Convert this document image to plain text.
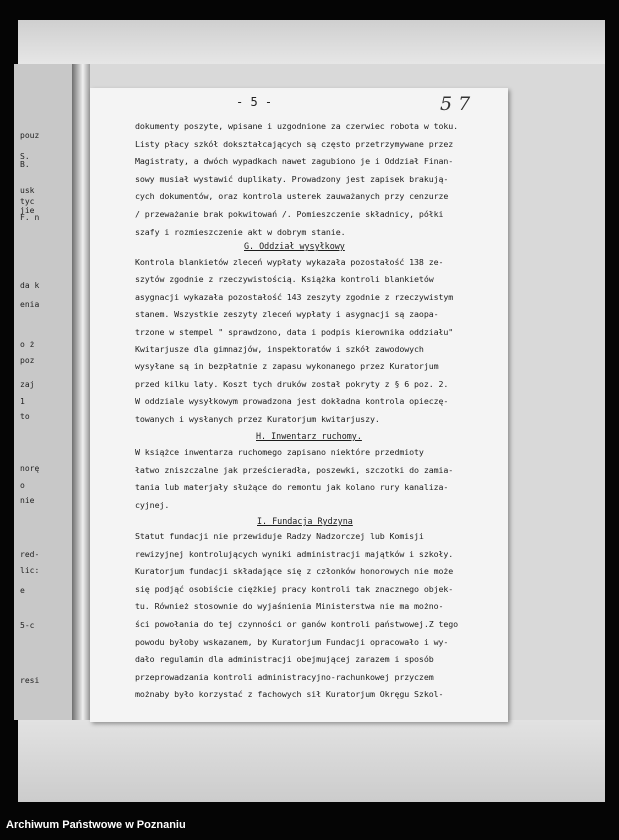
pouz
S.
B.
usk
tyc
jie
F. n
da k
enia
o ż
poz
zaj
1
to
norę
o
nie
red-
lic:
e
5-c
resi
- 5 -	5 7
dokumenty poszyte, wpisane i uzgodnione za czerwiec robota w toku.
Listy płacy szkół dokształcających są często przetrzymywane przez
Magistraty, a dwóch wypadkach nawet zagubiono je i Oddział Finan-
sowy musiał wystawić duplikaty. Prowadzony jest zapisek brakują-
cych dokumentów, oraz kontrola usterek zauważanych przy cenzurze
/ przeważanie brak pokwitowań /. Pomieszczenie składnicy, półki
szafy i rozmieszczenie akt w dobrym stanie.
G. Oddział wysyłkowy
Kontrola blankietów zleceń wypłaty wykazała pozostałość 138 ze-
szytów zgodnie z rzeczywistością. Książka kontroli blankietów
asygnacji wykazała pozostałość 143 zeszyty zgodnie z rzeczywistym
stanem. Wszystkie zeszyty zleceń wypłaty i asygnacji są zaopa-
trzone w stempel " sprawdzono, data i podpis kierownika oddziału"
Kwitarjusze dla gimnazjów, inspektoratów i szkół zawodowych
wysyłane są in bezpłatnie z zapasu wykonanego przez Kuratorjum
przed kilku laty. Koszt tych druków został pokryty z § 6 poz. 2.
W oddziale wysyłkowym prowadzona jest dokładna kontrola opieczę-
towanych i wysłanych przez Kuratorjum kwitarjuszy.
H. Inwentarz ruchomy.
W książce inwentarza ruchomego zapisano niektóre przedmioty
łatwo zniszczalne jak prześcieradła, poszewki, szczotki do zamia-
tania lub materjały służące do remontu jak kolano rury kanaliza-
cyjnej.
I. Fundacja Rydzyna
Statut fundacji nie przewiduje Radzy Nadzorczej lub Komisji
rewizyjnej kontrolujących wyniki administracji majątków i szkoły.
Kuratorjum fundacji składające się z członków honorowych nie może
się podjąć osobiście ciężkiej pracy kontroli tak znacznego objek-
tu. Również stosownie do wyjaśnienia Ministerstwa nie ma możno-
ści powołania do tej czynności or ganów kontroli państwowej.Z tego
powodu byłoby wskazanem, by Kuratorjum Fundacji opracowało i wy-
dało regulamin dla administracji obejmującej zarazem i sposób
przeprowadzania kontroli administracyjno-rachunkowej przyczem
możnaby było korzystać z fachowych sił Kuratorjum Okręgu Szkol-
Archiwum Państwowe w Poznaniu
